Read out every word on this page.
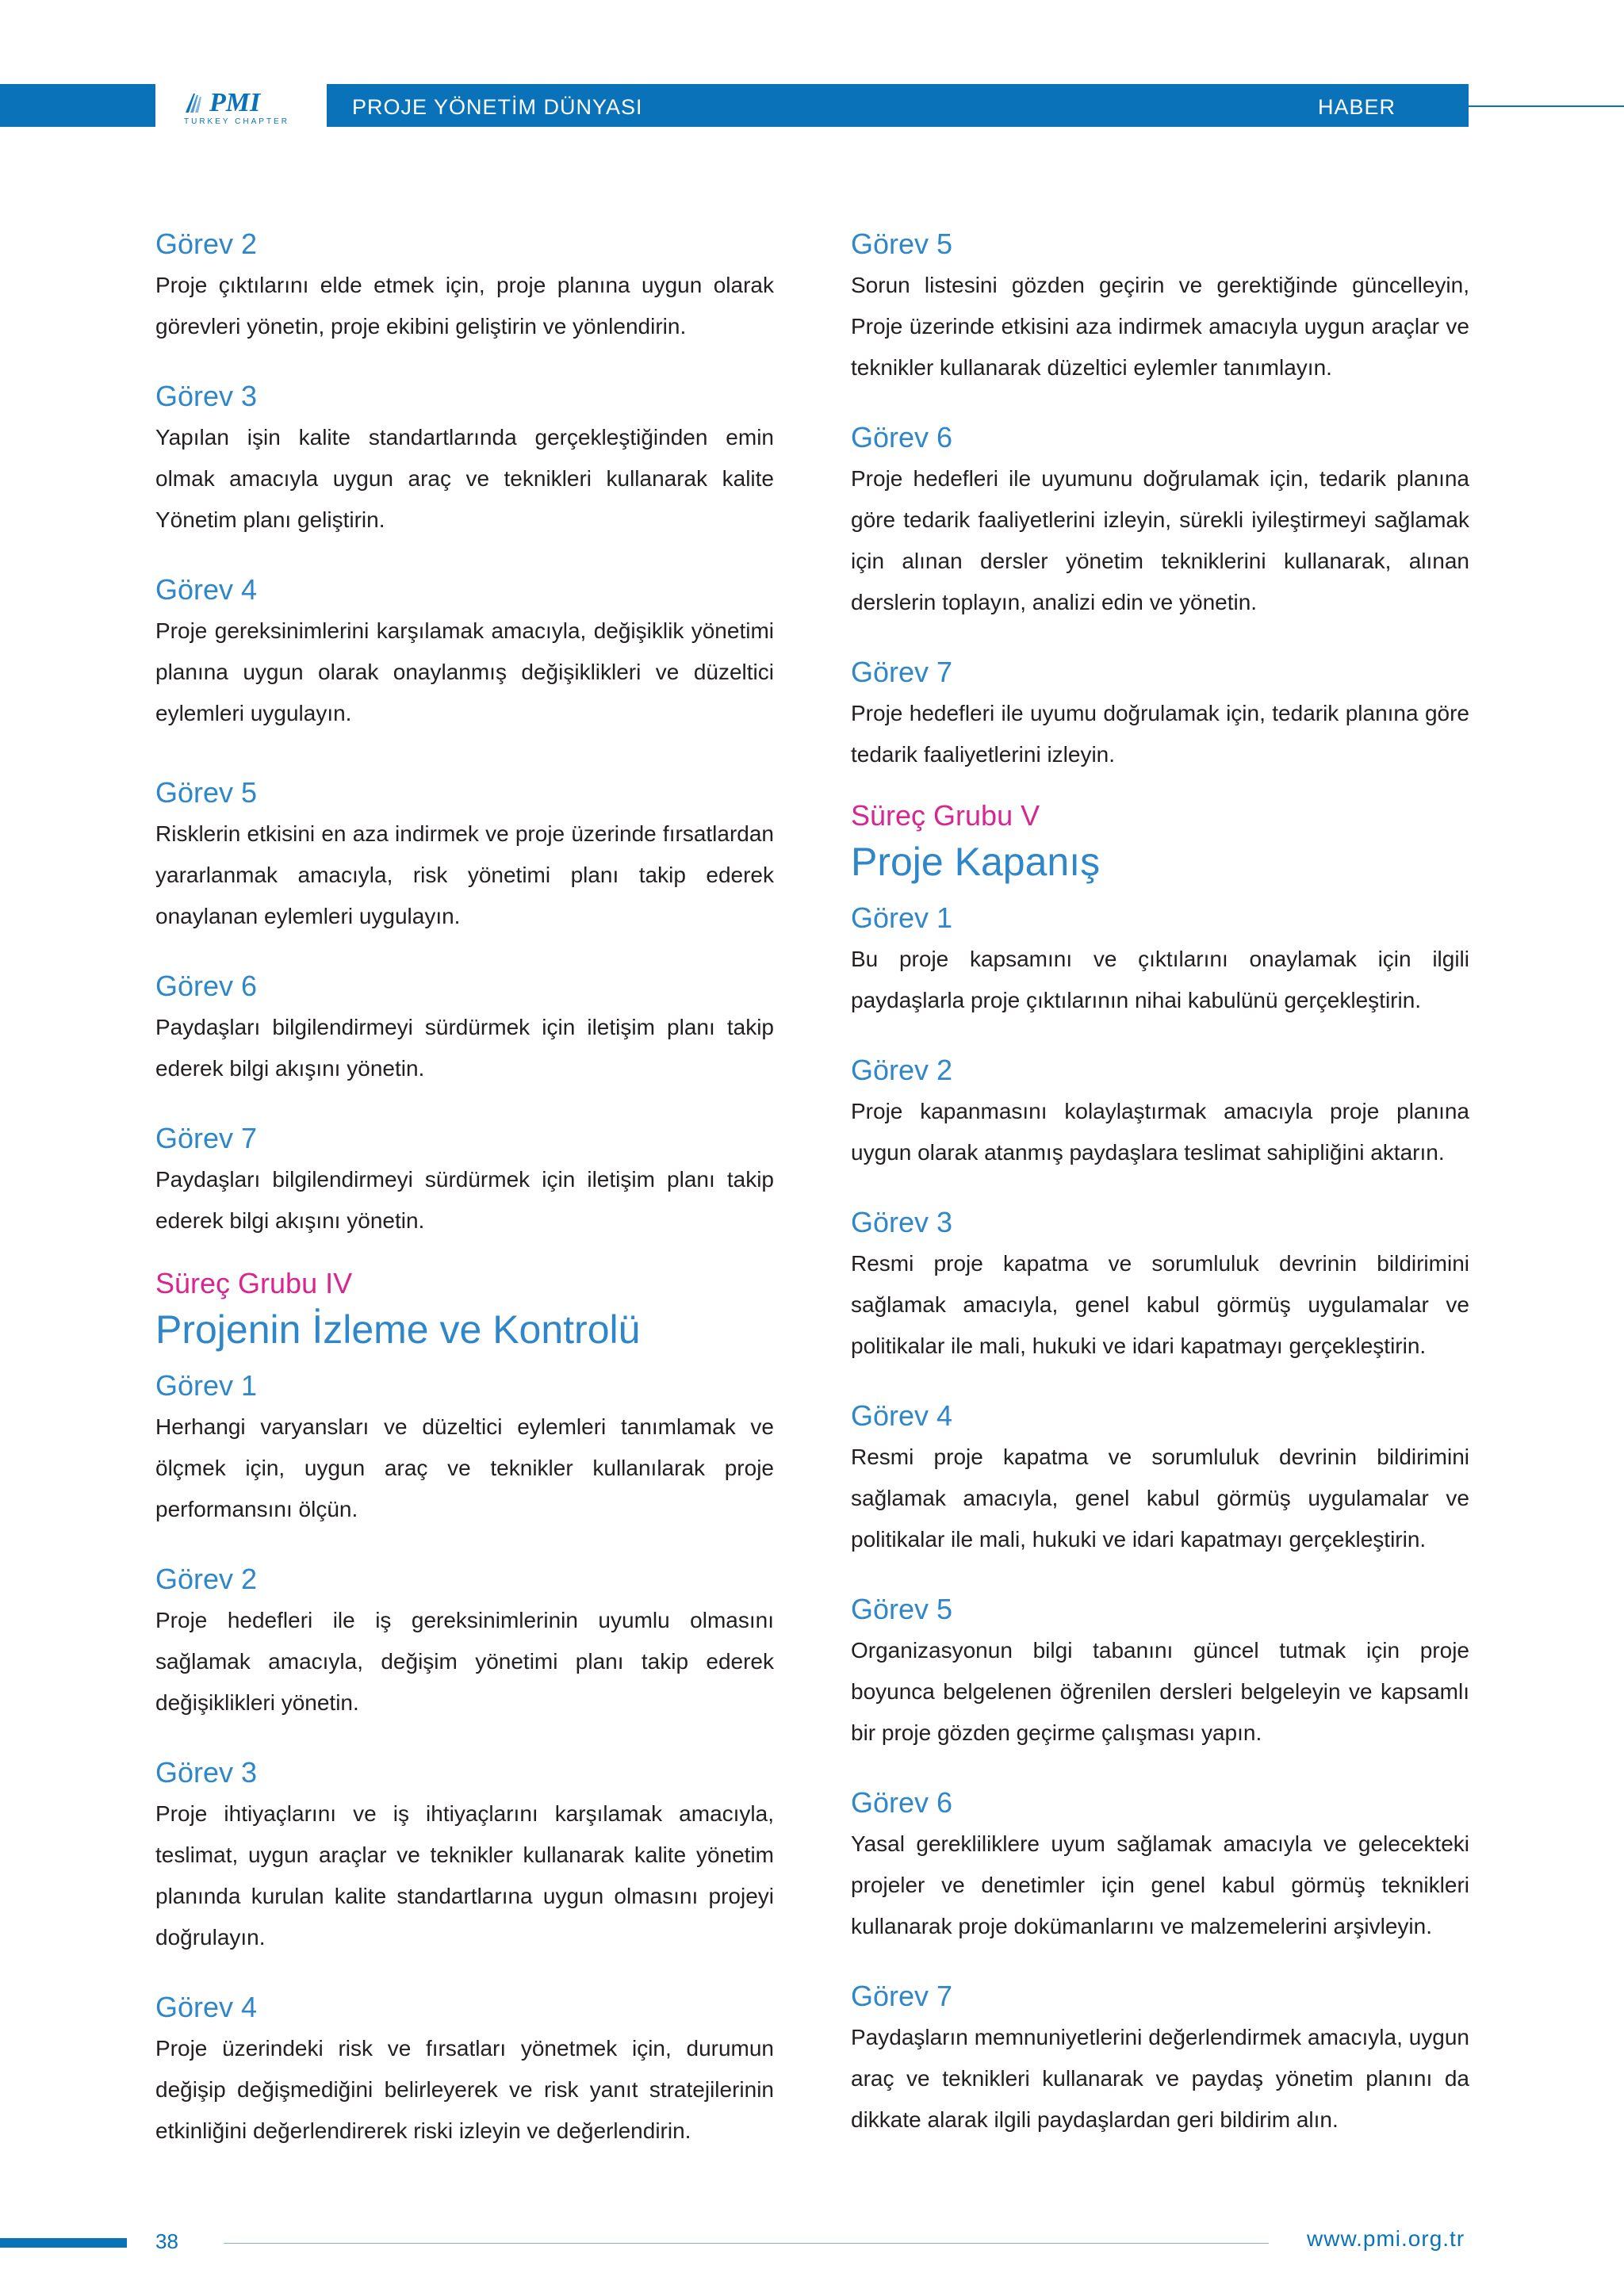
PMI
TURKEY CHAPTER
PROJE YÖNETİM DÜNYASI	HABER
Görev 2
Proje çıktılarını elde etmek için, proje planına uygun olarak görevleri yönetin, proje ekibini geliştirin ve yönlendirin.
Görev 3
Yapılan işin kalite standartlarında gerçekleştiğinden emin olmak amacıyla uygun araç ve teknikleri kullanarak kalite Yönetim planı geliştirin.
Görev 4
Proje gereksinimlerini karşılamak amacıyla, değişiklik yönetimi planına uygun olarak onaylanmış değişiklikleri ve düzeltici eylemleri uygulayın.
Görev 5
Risklerin etkisini en aza indirmek ve proje üzerinde fırsatlardan yararlanmak amacıyla, risk yönetimi planı takip ederek onaylanan eylemleri uygulayın.
Görev 6
Paydaşları bilgilendirmeyi sürdürmek için iletişim planı takip ederek bilgi akışını yönetin.
Görev 7
Paydaşları bilgilendirmeyi sürdürmek için iletişim planı takip ederek bilgi akışını yönetin.
Süreç Grubu IV
Projenin İzleme ve Kontrolü
Görev 1
Herhangi varyansları ve düzeltici eylemleri tanımlamak ve ölçmek için, uygun araç ve teknikler kullanılarak proje performansını ölçün.
Görev 2
Proje hedefleri ile iş gereksinimlerinin uyumlu olmasını sağlamak amacıyla, değişim yönetimi planı takip ederek değişiklikleri yönetin.
Görev 3
Proje ihtiyaçlarını ve iş ihtiyaçlarını karşılamak amacıyla, teslimat, uygun araçlar ve teknikler kullanarak kalite yönetim planında kurulan kalite standartlarına uygun olmasını projeyi doğrulayın.
Görev 4
Proje üzerindeki risk ve fırsatları yönetmek için, durumun değişip değişmediğini belirleyerek ve risk yanıt stratejilerinin etkinliğini değerlendirerek riski izleyin ve değerlendirin.
Görev 5
Sorun listesini gözden geçirin ve gerektiğinde güncelleyin, Proje üzerinde etkisini aza indirmek amacıyla uygun araçlar ve teknikler kullanarak düzeltici eylemler tanımlayın.
Görev 6
Proje hedefleri ile uyumunu doğrulamak için, tedarik planına göre tedarik faaliyetlerini izleyin, sürekli iyileştirmeyi sağlamak için alınan dersler yönetim tekniklerini kullanarak, alınan derslerin toplayın, analizi edin ve yönetin.
Görev 7
Proje hedefleri ile uyumu doğrulamak için, tedarik planına göre tedarik faaliyetlerini izleyin.
Süreç Grubu V
Proje Kapanış
Görev 1
Bu proje kapsamını ve çıktılarını onaylamak için ilgili paydaşlarla proje çıktılarının nihai kabulünü gerçekleştirin.
Görev 2
Proje kapanmasını kolaylaştırmak amacıyla proje planına uygun olarak atanmış paydaşlara teslimat sahipliğini aktarın.
Görev 3
Resmi proje kapatma ve sorumluluk devrinin bildirimini sağlamak amacıyla, genel kabul görmüş uygulamalar ve politikalar ile mali, hukuki ve idari kapatmayı gerçekleştirin.
Görev 4
Resmi proje kapatma ve sorumluluk devrinin bildirimini sağlamak amacıyla, genel kabul görmüş uygulamalar ve politikalar ile mali, hukuki ve idari kapatmayı gerçekleştirin.
Görev 5
Organizasyonun bilgi tabanını güncel tutmak için proje boyunca belgelenen öğrenilen dersleri belgeleyin ve kapsamlı bir proje gözden geçirme çalışması yapın.
Görev 6
Yasal gerekliliklere uyum sağlamak amacıyla ve gelecekteki projeler ve denetimler için genel kabul görmüş teknikleri kullanarak proje dokümanlarını ve malzemelerini arşivleyin.
Görev 7
Paydaşların memnuniyetlerini değerlendirmek amacıyla, uygun araç ve teknikleri kullanarak ve paydaş yönetim planını da dikkate alarak ilgili paydaşlardan geri bildirim alın.
38	www.pmi.org.tr
